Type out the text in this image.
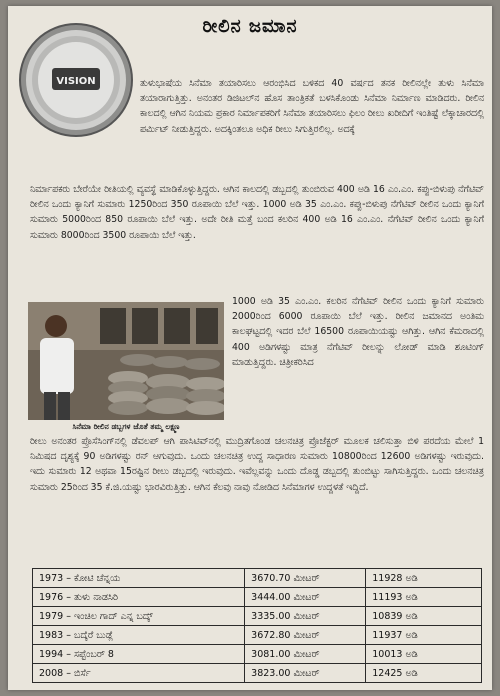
ರೀಲಿನ ಜಮಾನ
VISION	ತುಳುಭಾಷೆಯ ಸಿನೆಮಾ ತಯಾರಿಸಲು ಆರಂಭಿಸಿದ ಬಳಿಕದ 40 ವರ್ಷದ ತನಕ ರೀಲಿನಲ್ಲೇ ತುಳು ಸಿನೆಮಾ ತಯಾರಾಗುತ್ತಿತ್ತು. ಅನಂತರ ಡಿಜಿಟಲ್‌ನ ಹೊಸ ತಾಂತ್ರಿಕತೆ ಬಳಸಿಕೊಂಡು ಸಿನೆಮಾ ನಿರ್ಮಾಣ ಮಾಡಿದರು. ರೀಲಿನ ಕಾಲದಲ್ಲಿ ಆಗಿನ ನಿಯಮ ಪ್ರಕಾರ ನಿರ್ಮಾಪಕರಿಗೆ ಸಿನೆಮಾ ತಯಾರಿಸಲು ಫಿಲಂ ರೀಲು ಖರೀದಿಗೆ ಇಂತಿಷ್ಟೆ ಲೆಕ್ಕಾಚಾರದಲ್ಲಿ ಪರ್ಮಿಟ್ ನೀಡುತ್ತಿದ್ದರು. ಅದಕ್ಕಿಂತಲೂ ಅಧಿಕ ರೀಲು ಸಿಗುತ್ತಿರಲಿಲ್ಲ. ಅದಕ್ಕೆ

ನಿರ್ಮಾಪಕರು ಬೇರೆಯೇ ರೀತಿಯಲ್ಲಿ ವ್ಯವಸ್ಥೆ ಮಾಡಿಕೊಳ್ಳುತ್ತಿದ್ದರು. ಆಗಿನ ಕಾಲದಲ್ಲಿ ಡಬ್ಬದಲ್ಲಿ ತುಂಬಿರುವ 400 ಅಡಿ 16 ಎಂ.ಎಂ. ಕಪ್ಪು-ಬಿಳುಪು ನೆಗೆಟಿವ್ ರೀಲಿನ ಒಂದು ಕ್ಯಾನಿಗೆ ಸುಮಾರು 1250ರಿಂದ 350 ರೂಪಾಯಿ ಬೆಲೆ ಇತ್ತು. 1000 ಅಡಿ 35 ಎಂ.ಎಂ. ಕಪ್ಪು-ಬಿಳುಪು ನೆಗೆಟಿವ್ ರೀಲಿನ ಒಂದು ಕ್ಯಾನಿಗೆ ಸುಮಾರು 5000ರಿಂದ 850 ರೂಪಾಯಿ ಬೆಲೆ ಇತ್ತು. ಅದೇ ರೀತಿ ಮತ್ತೆ ಬಂದ ಕಲರಿನ 400 ಅಡಿ 16 ಎಂ.ಎಂ. ನೆಗೆಟಿವ್ ರೀಲಿನ ಒಂದು ಕ್ಯಾನಿಗೆ ಸುಮಾರು 8000ರಿಂದ 3500 ರೂಪಾಯಿ ಬೆಲೆ ಇತ್ತು.

ಸಿನೆಮಾ ರೀಲಿನ ಡಬ್ಬಗಳ ಜೊತೆ ತಮ್ಮ ಲಕ್ಷ್ಮಣ

1000 ಅಡಿ 35 ಎಂ.ಎಂ. ಕಲರಿನ ನೆಗೆಟಿವ್ ರೀಲಿನ ಒಂದು ಕ್ಯಾನಿಗೆ ಸುಮಾರು 2000ರಿಂದ 6000 ರೂಪಾಯಿ ಬೆಲೆ ಇತ್ತು. ರೀಲಿನ ಜಮಾನದ ಅಂತಿಮ ಕಾಲಘಟ್ಟದಲ್ಲಿ ಇದರ ಬೆಲೆ 16500 ರೂಪಾಯಿಯಷ್ಟು ಆಗಿತ್ತು. ಆಗಿನ ಕೆಮರಾದಲ್ಲಿ 400 ಅಡಿಗಳಷ್ಟು ಮಾತ್ರ ನೆಗೆಟಿವ್ ರೀಲನ್ನು ಲೋಡ್ ಮಾಡಿ ಶೂಟಿಂಗ್ ಮಾಡುತ್ತಿದ್ದರು. ಚಿತ್ರೀಕರಿಸಿದ

ರೀಲು ಅನಂತರ ಪ್ರೊಸೆಸಿಂಗ್‌ನಲ್ಲಿ ಡೆವಲಪ್ ಆಗಿ ಪಾಸಿಟಿವ್‌ನಲ್ಲಿ ಮುದ್ರಿತಗೊಂಡ ಚಲನಚಿತ್ರ ಪ್ರೊಜೆಕ್ಟರ್ ಮೂಲಕ ಚಲಿಸುತ್ತಾ ಬಿಳಿ ಪರದೆಯ ಮೇಲೆ 1 ನಿಮಿಷದ ದೃಶ್ಯಕ್ಕೆ 90 ಅಡಿಗಳಷ್ಟು ರನ್ ಆಗುವುದು. ಒಂದು ಚಲನಚಿತ್ರ ಉದ್ದ ಸಾಧಾರಣ ಸುಮಾರು 10800ರಿಂದ 12600 ಅಡಿಗಳಷ್ಟು ಇರುವುದು. ಇದು ಸುಮಾರು 12 ಅಥವಾ 15ರಷ್ಟಿನ ರೀಲು ಡಬ್ಬದಲ್ಲಿ ಇರುವುದು. ಇವೆಲ್ಲವನ್ನು ಒಂದು ದೊಡ್ಡ ಡಬ್ಬದಲ್ಲಿ ತುಂಬಿಟ್ಟು ಸಾಗಿಸುತ್ತಿದ್ದರು. ಒಂದು ಚಲನಚಿತ್ರ ಸುಮಾರು 25ರಿಂದ 35 ಕೆ.ಜಿ.ಯಷ್ಟು ಭಾರವಿರುತ್ತಿತ್ತು. ಆಗಿನ ಕೆಲವು ನಾವು ನೋಡಿದ ಸಿನೆಮಾಗಳ ಉದ್ದಳತೆ ಇದ್ದಿದೆ.

1973 – ಕೋಟಿ ಚೆನ್ನಯ	3670.70 ಮೀಟರ್	11928 ಅಡಿ
1976 – ತುಳು ನಾಡಸಿರಿ	3444.00 ಮೀಟರ್	11193 ಅಡಿ
1979 – ಇಂಚಿಲ ಗಾದ್ ಎನ್ನ ಬದ್ಕ್	3335.00 ಮೀಟರ್	10839 ಅಡಿ
1983 – ಬದ್ಕೆರೆ ಬುಡ್ಲೆ	3672.80 ಮೀಟರ್	11937 ಅಡಿ
1994 – ಸಪ್ಟೆಂಬರ್ 8	3081.00 ಮೀಟರ್	10013 ಅಡಿ
2008 – ಬಿರ್ಸೆ	3823.00 ಮೀಟರ್	12425 ಅಡಿ
